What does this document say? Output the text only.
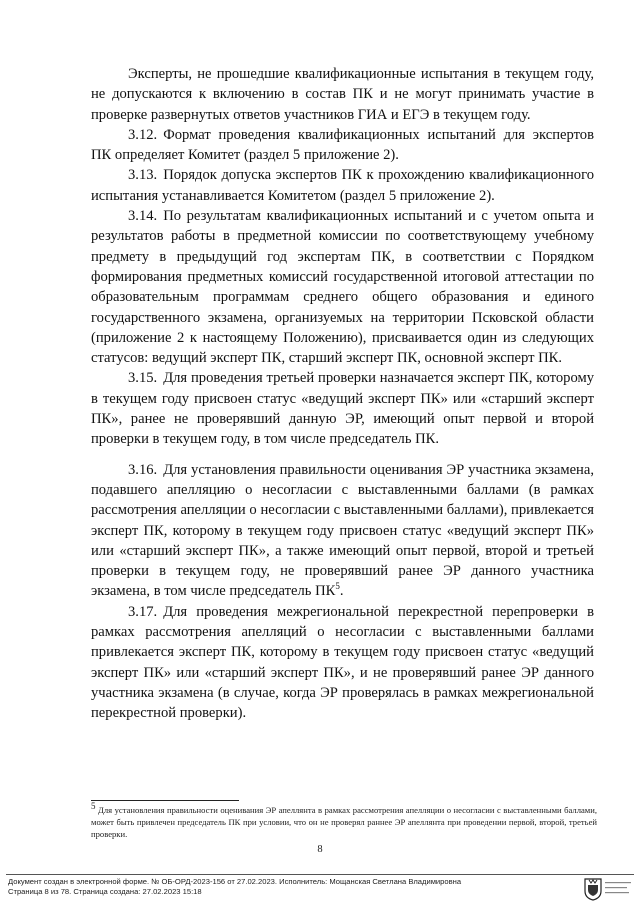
Эксперты, не прошедшие квалификационные испытания в текущем году, не допускаются к включению в состав ПК и не могут принимать участие в проверке развернутых ответов участников ГИА и ЕГЭ в текущем году.

3.12. Формат проведения квалификационных испытаний для экспертов ПК определяет Комитет (раздел 5 приложение 2).

3.13. Порядок допуска экспертов ПК к прохождению квалификационного испытания устанавливается Комитетом (раздел 5 приложение 2).

3.14. По результатам квалификационных испытаний и с учетом опыта и результатов работы в предметной комиссии по соответствующему учебному предмету в предыдущий год экспертам ПК, в соответствии с Порядком формирования предметных комиссий государственной итоговой аттестации по образовательным программам среднего общего образования и единого государственного экзамена, организуемых на территории Псковской области (приложение 2 к настоящему Положению), присваивается один из следующих статусов: ведущий эксперт ПК, старший эксперт ПК, основной эксперт ПК.

3.15. Для проведения третьей проверки назначается эксперт ПК, которому в текущем году присвоен статус «ведущий эксперт ПК» или «старший эксперт ПК», ранее не проверявший данную ЭР, имеющий опыт первой и второй проверки в текущем году, в том числе председатель ПК.

3.16. Для установления правильности оценивания ЭР участника экзамена, подавшего апелляцию о несогласии с выставленными баллами (в рамках рассмотрения апелляции о несогласии с выставленными баллами), привлекается эксперт ПК, которому в текущем году присвоен статус «ведущий эксперт ПК» или «старший эксперт ПК», а также имеющий опыт первой, второй и третьей проверки в текущем году, не проверявший ранее ЭР данного участника экзамена, в том числе председатель $ПК^5$.

3.17. Для проведения межрегиональной перекрестной перепроверки в рамках рассмотрения апелляций о несогласии с выставленными баллами привлекается эксперт ПК, которому в текущем году присвоен статус «ведущий эксперт ПК» или «старший эксперт ПК», и не проверявший ранее ЭР данного участника экзамена (в случае, когда ЭР проверялась в рамках межрегиональной перекрестной проверки).

$^5$ Для установления правильности оценивания ЭР апеллянта в рамках рассмотрения апелляции о несогласии с выставленными баллами, может быть привлечен председатель ПК при условии, что он не проверял раннее ЭР апеллянта при проведении первой, второй, третьей проверки.
8
Документ создан в электронной форме. № ОБ-ОРД-2023-156 от 27.02.2023. Исполнитель: Мощанская Светлана Владимировна
Страница 8 из 78. Страница создана: 27.02.2023 15:18
